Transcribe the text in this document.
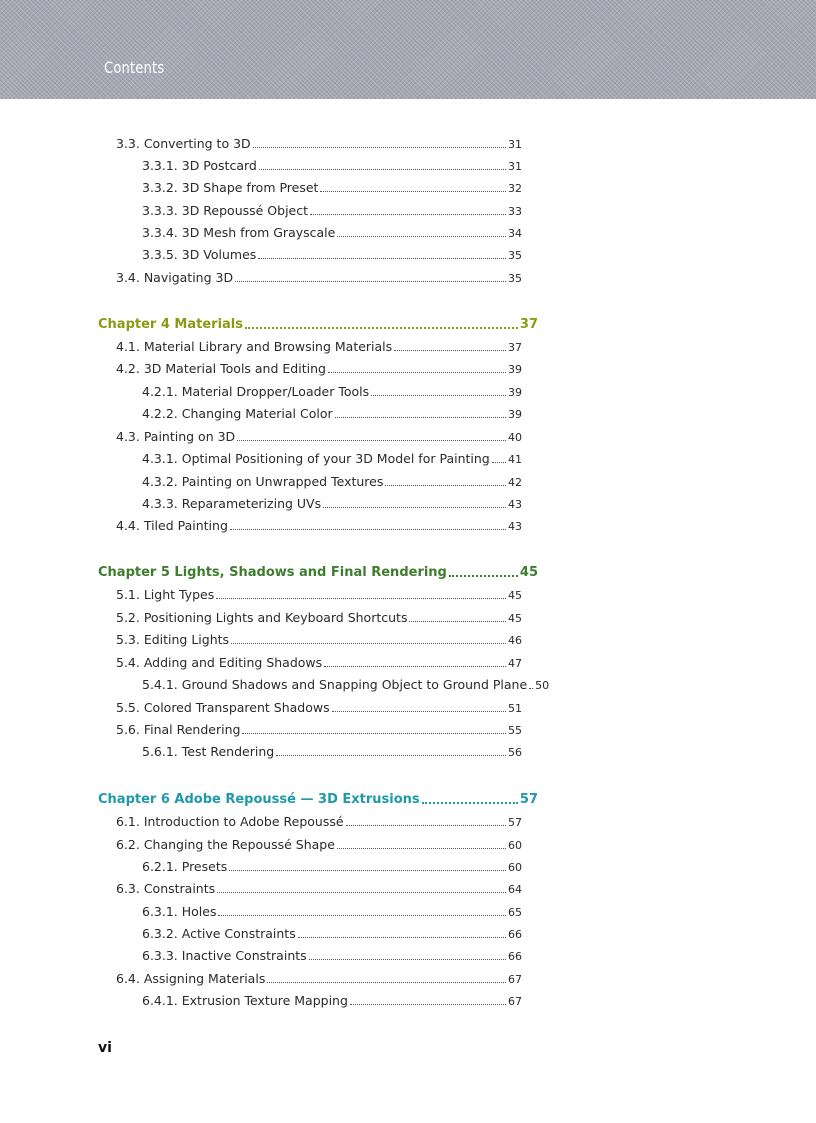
Contents
3.3. Converting to 3D	31
3.3.1. 3D Postcard	31
3.3.2. 3D Shape from Preset	32
3.3.3. 3D Repoussé Object	33
3.3.4. 3D Mesh from Grayscale	34
3.3.5. 3D Volumes	35
3.4. Navigating 3D	35
Chapter 4 Materials	37
4.1. Material Library and Browsing Materials	37
4.2. 3D Material Tools and Editing	39
4.2.1. Material Dropper/Loader Tools	39
4.2.2. Changing Material Color	39
4.3. Painting on 3D	40
4.3.1. Optimal Positioning of your 3D Model for Painting 41
4.3.2. Painting on Unwrapped Textures	42
4.3.3. Reparameterizing UVs	43
4.4. Tiled Painting	43
Chapter 5 Lights, Shadows and Final Rendering	45
5.1. Light Types	45
5.2. Positioning Lights and Keyboard Shortcuts	45
5.3. Editing Lights	46
5.4. Adding and Editing Shadows	47
5.4.1. Ground Shadows and Snapping Object to Ground Plane 50
5.5. Colored Transparent Shadows	51
5.6. Final Rendering	55
5.6.1. Test Rendering	56
Chapter 6 Adobe Repoussé — 3D Extrusions	57
6.1. Introduction to Adobe Repoussé	57
6.2. Changing the Repoussé Shape	60
6.2.1. Presets	60
6.3. Constraints	64
6.3.1. Holes	65
6.3.2. Active Constraints	66
6.3.3. Inactive Constraints	66
6.4. Assigning Materials	67
6.4.1. Extrusion Texture Mapping	67
vi
